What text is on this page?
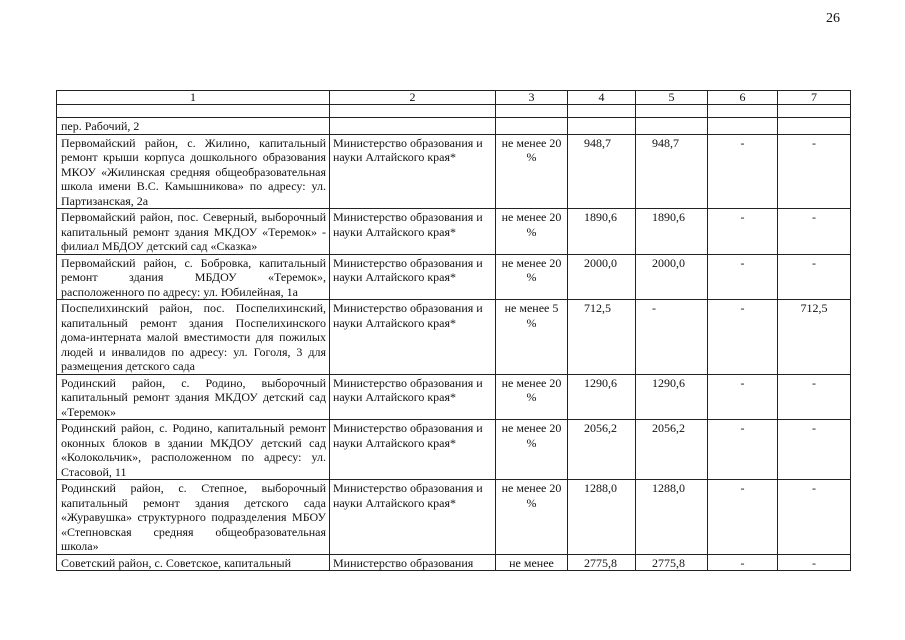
26
1	2	3	4	5	6	7

пер. Рабочий, 2						
Первомайский район, с. Жилино, капитальный ремонт крыши корпуса дошкольного образования МКОУ «Жилинская средняя общеобразовательная школа имени В.С. Камышникова» по адресу: ул. Партизанская, 2а	Министерство образования и науки Алтайского края*	не менее 20 %	948,7	948,7	-	-
Первомайский район, пос. Северный, выборочный капитальный ремонт здания МКДОУ «Теремок» - филиал МБДОУ детский сад «Сказка»	Министерство образования и науки Алтайского края*	не менее 20 %	1890,6	1890,6	-	-
Первомайский район, с. Бобровка, капитальный ремонт здания МБДОУ «Теремок», расположенного по адресу: ул. Юбилейная, 1а	Министерство образования и науки Алтайского края*	не менее 20 %	2000,0	2000,0	-	-
Поспелихинский район, пос. Поспелихинский, капитальный ремонт здания Поспелихинского дома-интерната малой вместимости для пожилых людей и инвалидов по адресу: ул. Гоголя, 3 для размещения детского сада	Министерство образования и науки Алтайского края*	не менее 5 %	712,5	-	-	712,5
Родинский район, с. Родино, выборочный капитальный ремонт здания МКДОУ детский сад «Теремок»	Министерство образования и науки Алтайского края*	не менее 20 %	1290,6	1290,6	-	-
Родинский район, с. Родино, капитальный ремонт оконных блоков в здании МКДОУ детский сад «Колокольчик», расположенном по адресу: ул. Стасовой, 11	Министерство образования и науки Алтайского края*	не менее 20 %	2056,2	2056,2	-	-
Родинский район, с. Степное, выборочный капитальный ремонт здания детского сада «Журавушка» структурного подразделения МБОУ «Степновская средняя общеобразовательная школа»	Министерство образования и науки Алтайского края*	не менее 20 %	1288,0	1288,0	-	-
Советский район, с. Советское, капитальный	Министерство образования	не менее	2775,8	2775,8	-	-
